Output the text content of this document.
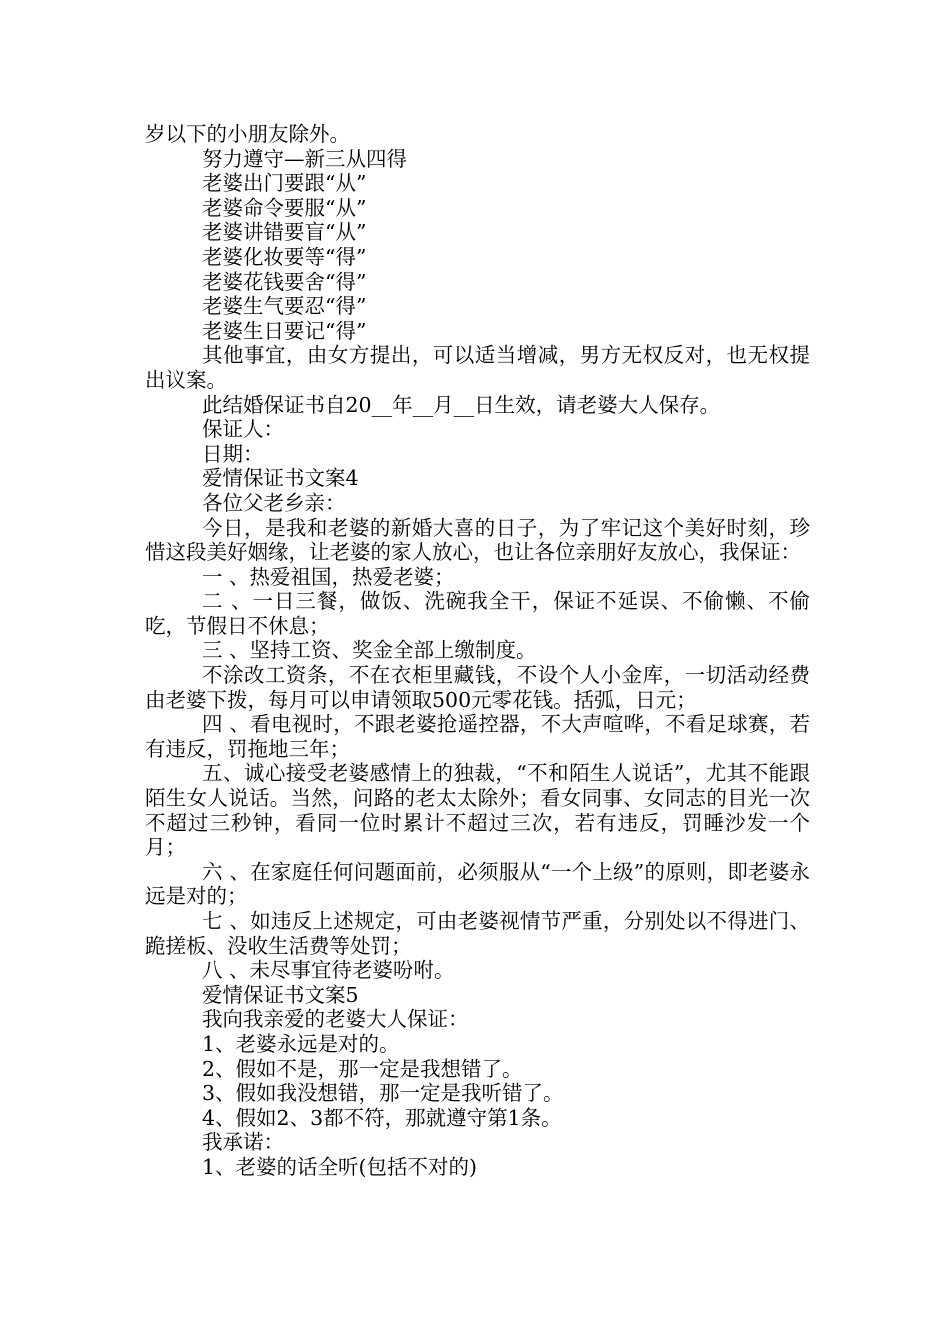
岁以下的小朋友除外。

努力遵守—新三从四得

老婆出门要跟“从”

老婆命令要服“从”

老婆讲错要盲“从”

老婆化妆要等“得”

老婆花钱要舍“得”

老婆生气要忍“得”

老婆生日要记“得”

其他事宜，由女方提出，可以适当增减，男方无权反对，也无权提出议案。

此结婚保证书自20__年__月__日生效，请老婆大人保存。

保证人：

日期：

爱情保证书文案4

各位父老乡亲：

今日，是我和老婆的新婚大喜的日子，为了牢记这个美好时刻，珍惜这段美好姻缘，让老婆的家人放心，也让各位亲朋好友放心，我保证：

一 、热爱祖国，热爱老婆；

二 、一日三餐，做饭、洗碗我全干，保证不延误、不偷懒、不偷吃，节假日不休息；

三 、坚持工资、奖金全部上缴制度。

不涂改工资条，不在衣柜里藏钱，不设个人小金库，一切活动经费由老婆下拨，每月可以申请领取500元零花钱。括弧，日元；

四 、看电视时，不跟老婆抢遥控器，不大声喧哗，不看足球赛，若有违反，罚拖地三年；

五、诚心接受老婆感情上的独裁，“不和陌生人说话”，尤其不能跟陌生女人说话。当然，问路的老太太除外；看女同事、女同志的目光一次不超过三秒钟，看同一位时累计不超过三次，若有违反，罚睡沙发一个月；

六 、在家庭任何问题面前，必须服从“一个上级”的原则，即老婆永远是对的；

七 、如违反上述规定，可由老婆视情节严重，分别处以不得进门、跪搓板、没收生活费等处罚；

八 、未尽事宜待老婆吩咐。

爱情保证书文案5

我向我亲爱的老婆大人保证：

1、老婆永远是对的。

2、假如不是，那一定是我想错了。

3、假如我没想错，那一定是我听错了。

4、假如2、3都不符，那就遵守第1条。

我承诺：

1、老婆的话全听(包括不对的)
